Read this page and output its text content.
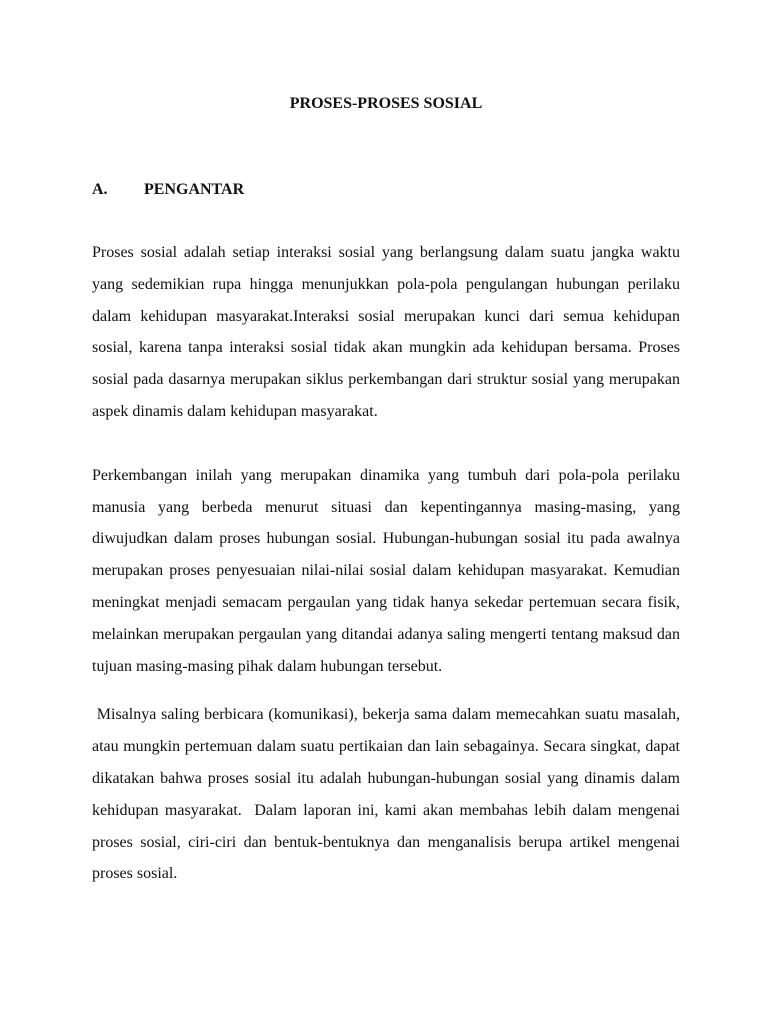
PROSES-PROSES SOSIAL
A.	PENGANTAR

Proses sosial adalah setiap interaksi sosial yang berlangsung dalam suatu jangka waktu yang sedemikian rupa hingga menunjukkan pola-pola pengulangan hubungan perilaku dalam kehidupan masyarakat.Interaksi sosial merupakan kunci dari semua kehidupan sosial, karena tanpa interaksi sosial tidak akan mungkin ada kehidupan bersama. Proses sosial pada dasarnya merupakan siklus perkembangan dari struktur sosial yang merupakan aspek dinamis dalam kehidupan masyarakat.

Perkembangan inilah yang merupakan dinamika yang tumbuh dari pola-pola perilaku manusia yang berbeda menurut situasi dan kepentingannya masing-masing, yang diwujudkan dalam proses hubungan sosial. Hubungan-hubungan sosial itu pada awalnya merupakan proses penyesuaian nilai-nilai sosial dalam kehidupan masyarakat. Kemudian meningkat menjadi semacam pergaulan yang tidak hanya sekedar pertemuan secara fisik, melainkan merupakan pergaulan yang ditandai adanya saling mengerti tentang maksud dan tujuan masing-masing pihak dalam hubungan tersebut.

Misalnya saling berbicara (komunikasi), bekerja sama dalam memecahkan suatu masalah, atau mungkin pertemuan dalam suatu pertikaian dan lain sebagainya. Secara singkat, dapat dikatakan bahwa proses sosial itu adalah hubungan-hubungan sosial yang dinamis dalam kehidupan masyarakat.  Dalam laporan ini, kami akan membahas lebih dalam mengenai proses sosial, ciri-ciri dan bentuk-bentuknya dan menganalisis berupa artikel mengenai proses sosial.
